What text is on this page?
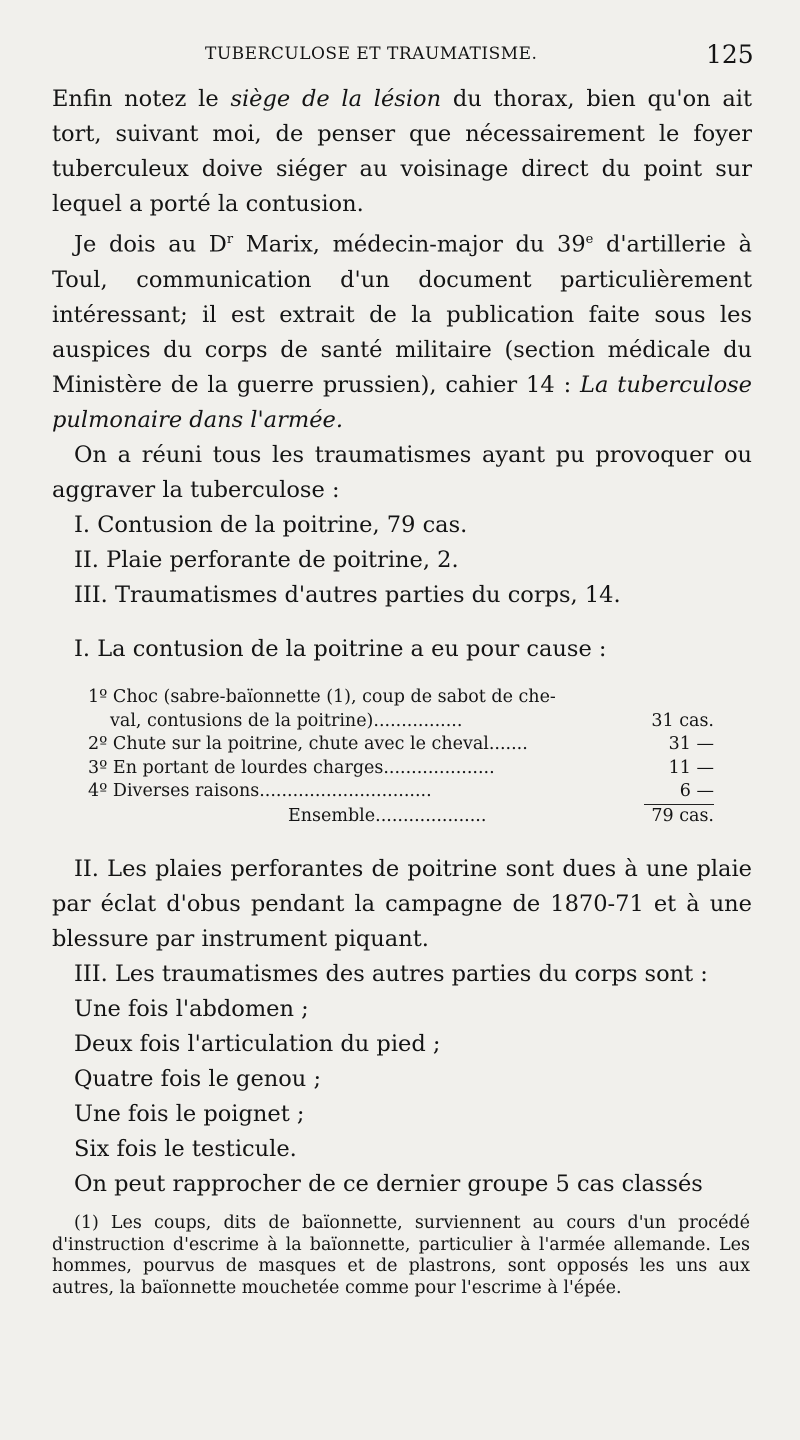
TUBERCULOSE ET TRAUMATISME.	125

Enfin notez le siège de la lésion du thorax, bien qu'on ait tort, suivant moi, de penser que nécessairement le foyer tuberculeux doive siéger au voisinage direct du point sur lequel a porté la contusion.

Je dois au $D^r$ Marix, médecin-major du 39e d'artillerie à Toul, communication d'un document particulièrement intéressant; il est extrait de la publication faite sous les auspices du corps de santé militaire (section médicale du Ministère de la guerre prussien), cahier 14 : La tuberculose pulmonaire dans l'armée.

On a réuni tous les traumatismes ayant pu provoquer ou aggraver la tuberculose :

I. Contusion de la poitrine, 79 cas.

II. Plaie perforante de poitrine, 2.

III. Traumatismes d'autres parties du corps, 14.

I. La contusion de la poitrine a eu pour cause :

1º Choc (sabre-baïonnette (1), coup de sabot de che-
val, contusions de la poitrine)................	31 cas.
2º Chute sur la poitrine, chute avec le cheval.......	31 —
3º En portant de lourdes charges....................	11 —
4º Diverses raisons...............................	6 —
Ensemble....................	79 cas.

II. Les plaies perforantes de poitrine sont dues à une plaie par éclat d'obus pendant la campagne de 1870-71 et à une blessure par instrument piquant.

III. Les traumatismes des autres parties du corps sont :

Une fois l'abdomen ;

Deux fois l'articulation du pied ;

Quatre fois le genou ;

Une fois le poignet ;

Six fois le testicule.

On peut rapprocher de ce dernier groupe 5 cas classés

(1) Les coups, dits de baïonnette, surviennent au cours d'un procédé d'instruction d'escrime à la baïonnette, particulier à l'armée allemande. Les hommes, pourvus de masques et de plastrons, sont opposés les uns aux autres, la baïonnette mouchetée comme pour l'escrime à l'épée.
